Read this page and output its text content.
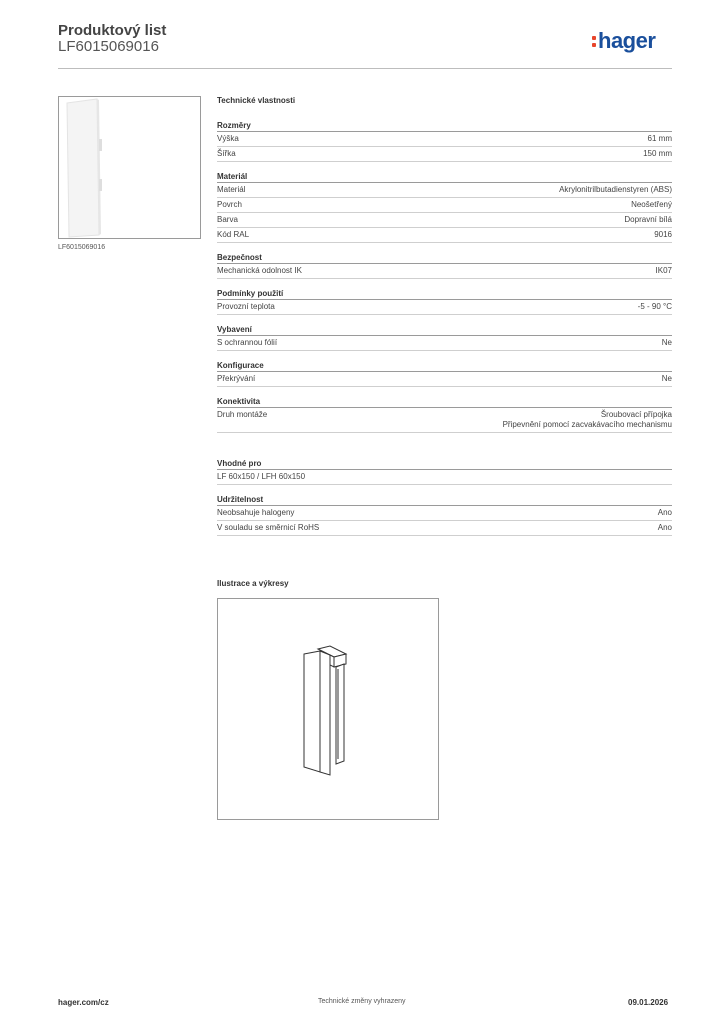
Produktový list
LF6015069016	hager
LF6015069016
Technické vlastnosti
Rozměry
Výška	61 mm
Šířka	150 mm
Materiál
Materiál	Akrylonitrilbutadienstyren (ABS)
Povrch	Neošetřený
Barva	Dopravní bílá
Kód RAL	9016
Bezpečnost
Mechanická odolnost IK	IK07
Podmínky použití
Provozní teplota	-5 - 90 °C
Vybavení
S ochrannou fólií	Ne
Konfigurace
Překrývání	Ne
Konektivita
Druh montáže	Šroubovací přípojka
Připevnění pomocí zacvakávacího mechanismu
Vhodné pro
LF 60x150 / LFH 60x150
Udržitelnost
Neobsahuje halogeny	Ano
V souladu se směrnicí RoHS	Ano
Ilustrace a výkresy
hager.com/cz	Technické změny vyhrazeny	09.01.2026
